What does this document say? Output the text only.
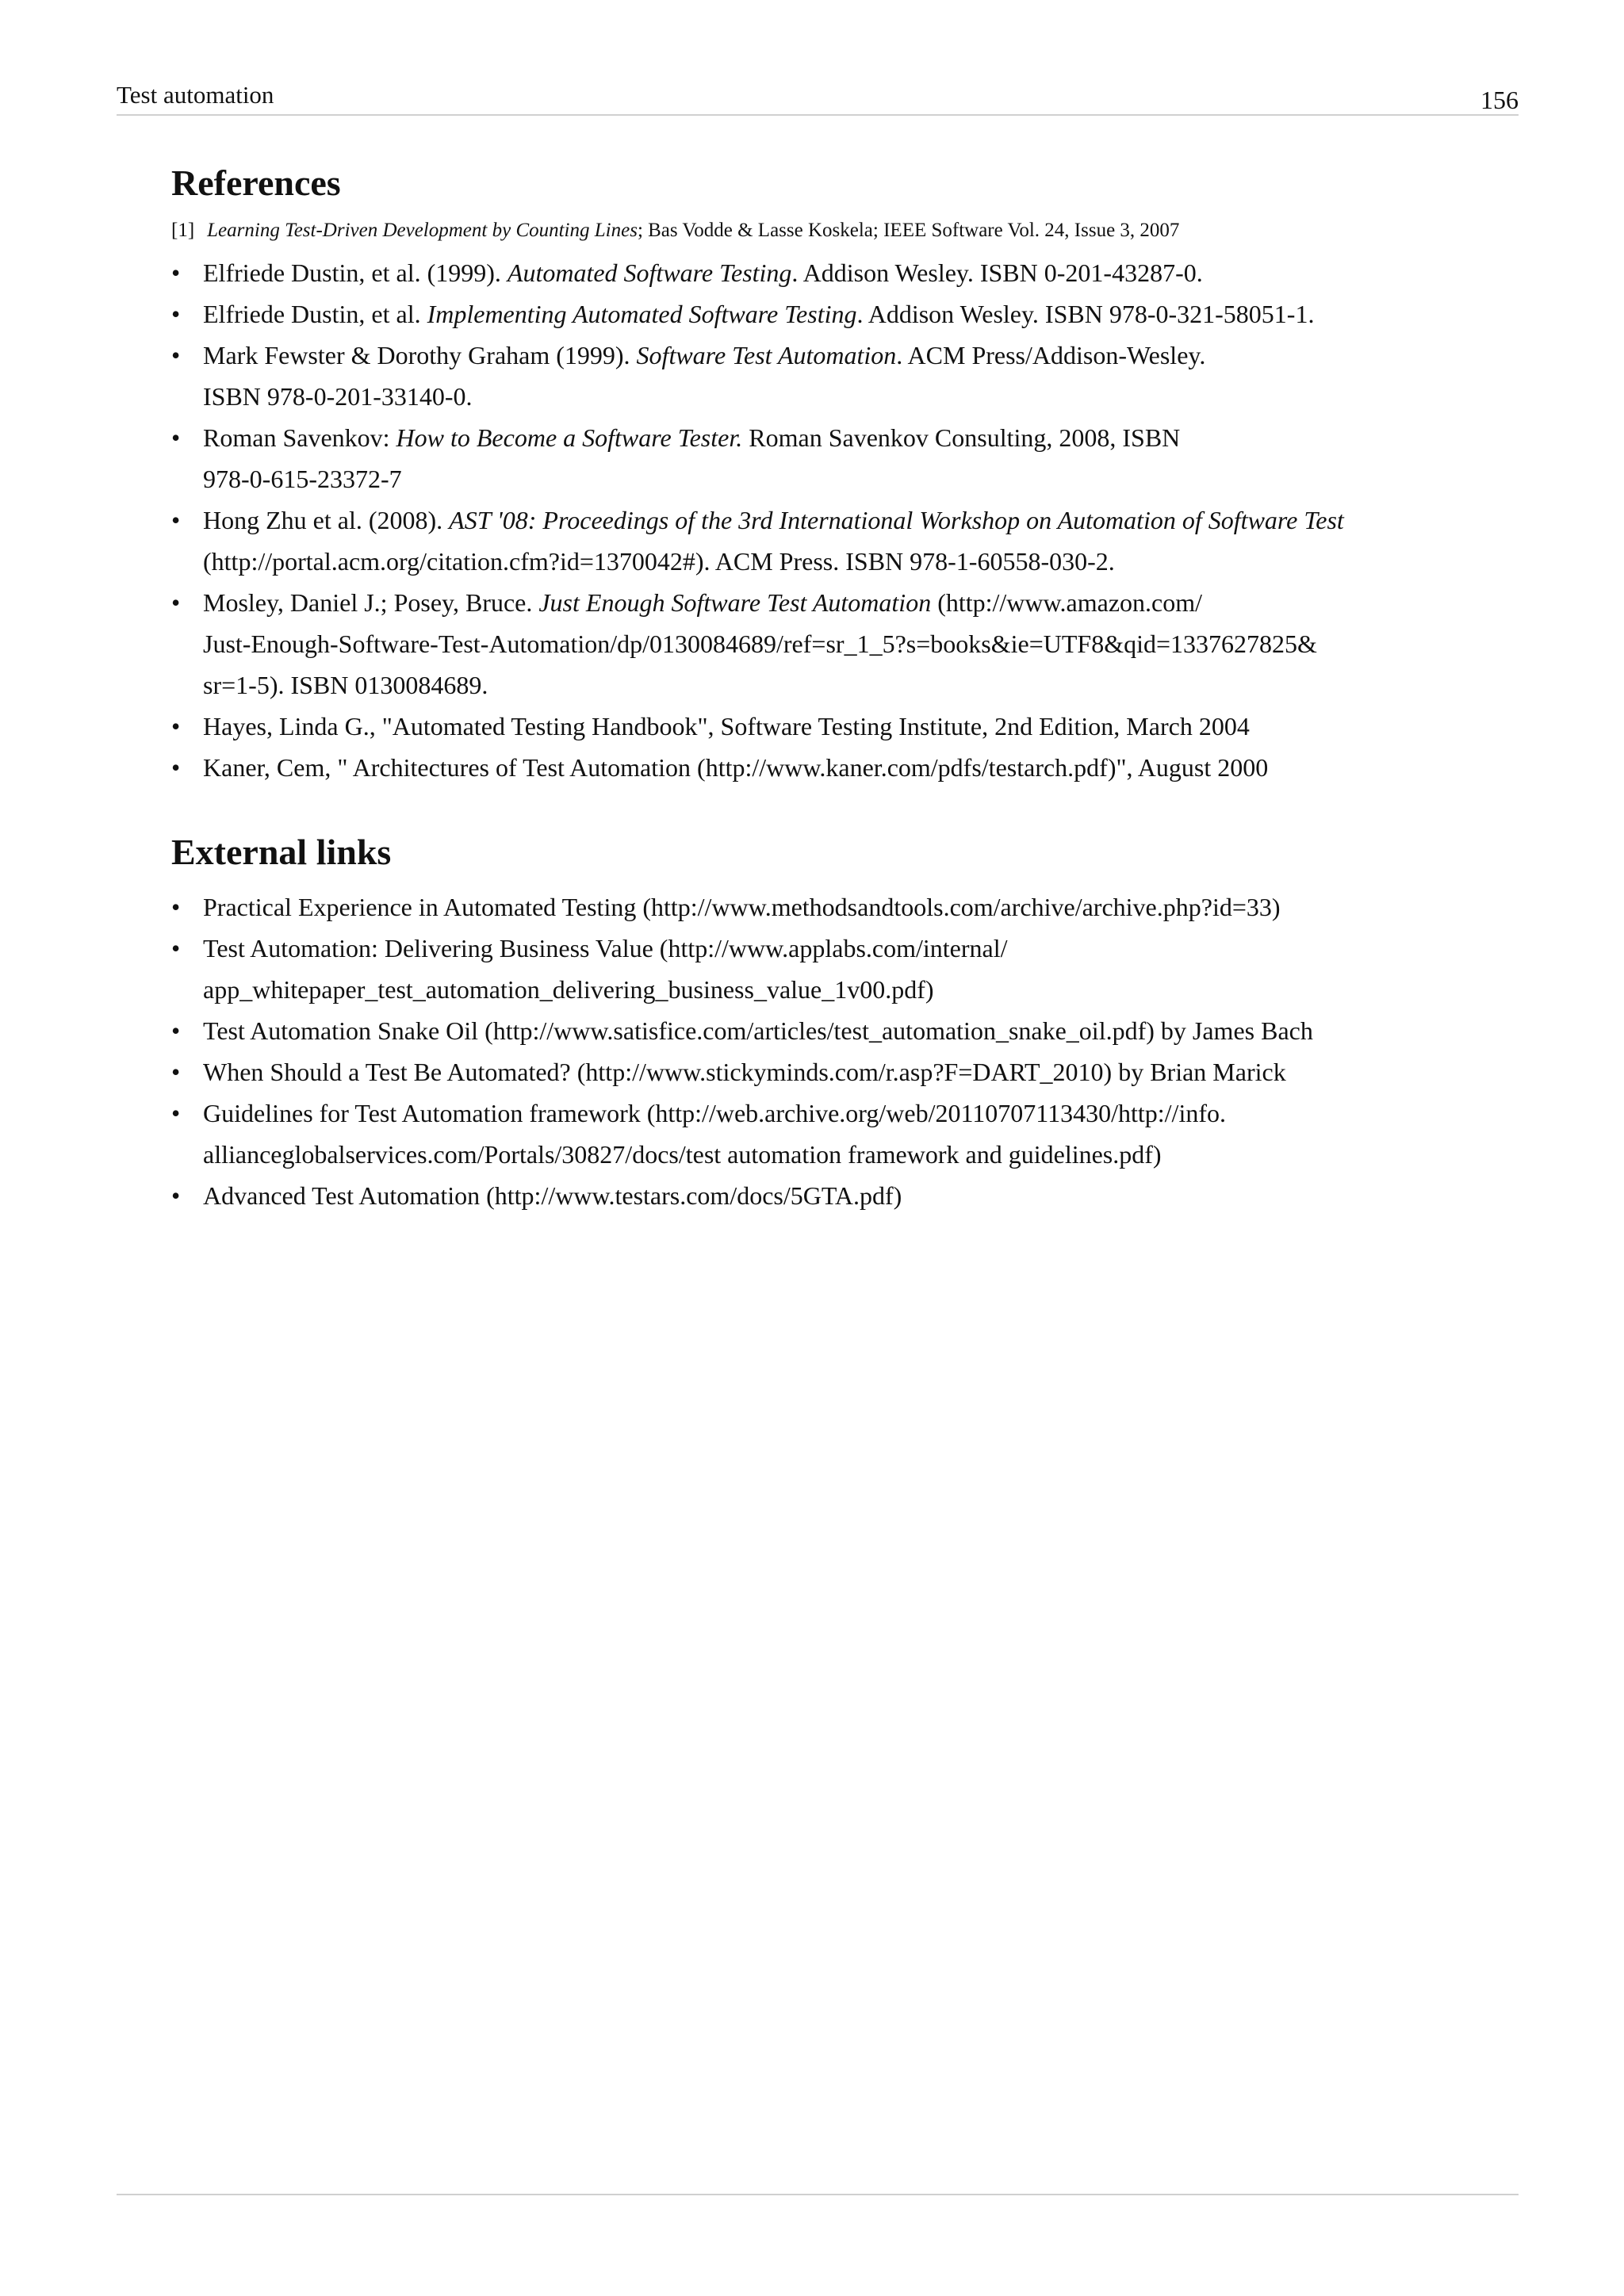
Test automation	156
References

[1] Learning Test-Driven Development by Counting Lines; Bas Vodde & Lasse Koskela; IEEE Software Vol. 24, Issue 3, 2007

• Elfriede Dustin, et al. (1999). Automated Software Testing. Addison Wesley. ISBN 0-201-43287-0.
• Elfriede Dustin, et al. Implementing Automated Software Testing. Addison Wesley. ISBN 978-0-321-58051-1.
• Mark Fewster & Dorothy Graham (1999). Software Test Automation. ACM Press/Addison-Wesley.
ISBN 978-0-201-33140-0.
• Roman Savenkov: How to Become a Software Tester. Roman Savenkov Consulting, 2008, ISBN
978-0-615-23372-7
• Hong Zhu et al. (2008). AST '08: Proceedings of the 3rd International Workshop on Automation of Software Test
(http://portal.acm.org/citation.cfm?id=1370042#). ACM Press. ISBN 978-1-60558-030-2.
• Mosley, Daniel J.; Posey, Bruce. Just Enough Software Test Automation (http://www.amazon.com/
Just-Enough-Software-Test-Automation/dp/0130084689/ref=sr_1_5?s=books&ie=UTF8&qid=1337627825&
sr=1-5). ISBN 0130084689.
• Hayes, Linda G., "Automated Testing Handbook", Software Testing Institute, 2nd Edition, March 2004
• Kaner, Cem, " Architectures of Test Automation (http://www.kaner.com/pdfs/testarch.pdf)", August 2000
External links
• Practical Experience in Automated Testing (http://www.methodsandtools.com/archive/archive.php?id=33)
• Test Automation: Delivering Business Value (http://www.applabs.com/internal/
app_whitepaper_test_automation_delivering_business_value_1v00.pdf)
• Test Automation Snake Oil (http://www.satisfice.com/articles/test_automation_snake_oil.pdf) by James Bach
• When Should a Test Be Automated? (http://www.stickyminds.com/r.asp?F=DART_2010) by Brian Marick
• Guidelines for Test Automation framework (http://web.archive.org/web/20110707113430/http://info.
allianceglobalservices.com/Portals/30827/docs/test automation framework and guidelines.pdf)
• Advanced Test Automation (http://www.testars.com/docs/5GTA.pdf)
